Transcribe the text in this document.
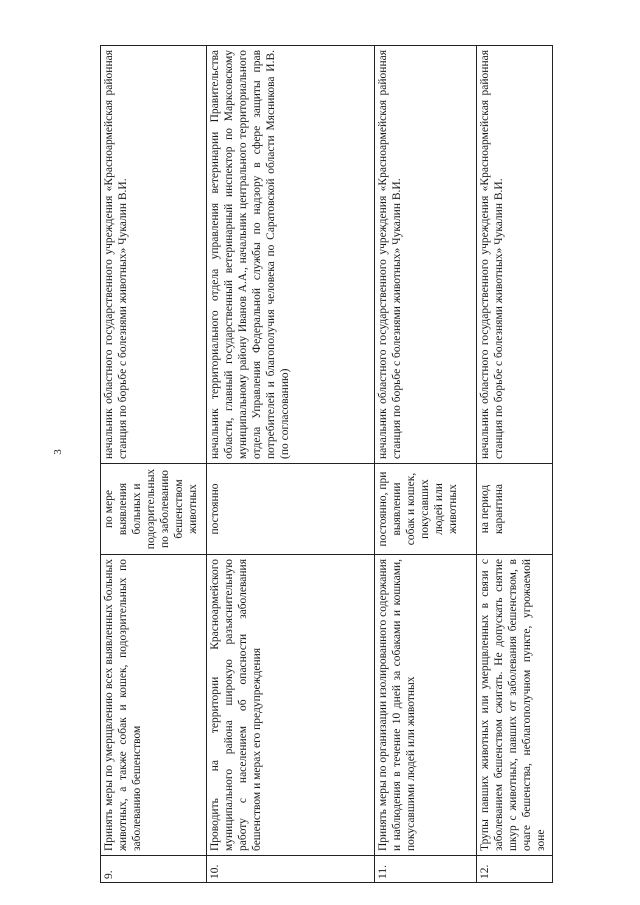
3
9.	Принять меры по умерщвлению всех выявленных больных животных, а также собак и кошек, подозрительных по заболеванию бешенством	по мере выявления больных и подозрительных по заболеванию бешенством животных	начальник областного государственного учреждения «Красноармейская районная станция по борьбе с болезнями животных» Чукалин В.И.
10.	Проводить на территории Красноармейского муниципального района широкую разъяснительную работу с населением об опасности заболевания бешенством и мерах его предупреждения	постоянно	начальник территориального отдела управления ветеринарии Правительства области, главный государственный ветеринарный инспектор по Марксовскому муниципальному району Иванов А.А., начальник центрального территориального отдела Управления Федеральной службы по надзору в сфере защиты прав потребителей и благополучия человека по Саратовской области Мясникова И.В. (по согласованию)
11.	Принять меры по организации изолированного содержания и наблюдения в течение 10 дней за собаками и кошками, покусавшими людей или животных	постоянно, при выявлении собак и кошек, покусавших людей или животных	начальник областного государственного учреждения «Красноармейская районная станция по борьбе с болезнями животных» Чукалин В.И.
12.	Трупы павших животных или умерщвленных в связи с заболеванием бешенством сжигать. Не допускать снятие шкур с животных, павших от заболевания бешенством, в очаге бешенства, неблагополучном пункте, угрожаемой зоне	на период карантина	начальник областного государственного учреждения «Красноармейская районная станция по борьбе с болезнями животных» Чукалин В.И.
